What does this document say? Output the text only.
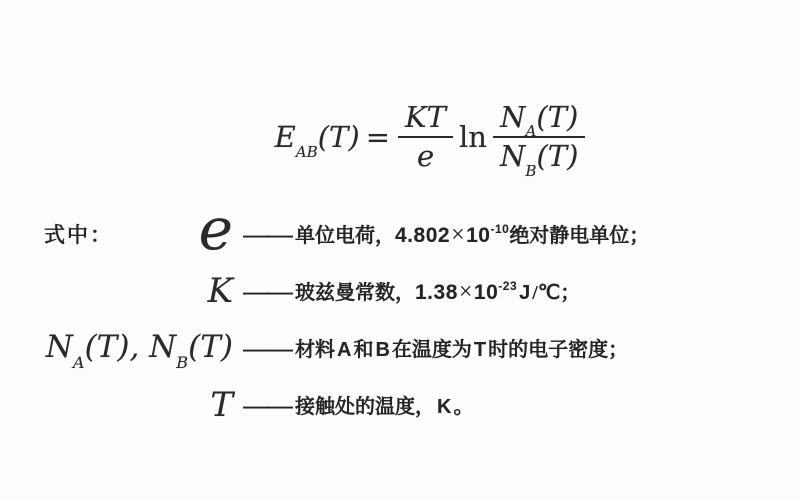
$E_{AB}(T) = \frac{KT}{e}$ $\ln \frac{N_A(T)}{N_B(T)}$
式中： e —— 单位电荷， $4.802\times 10^{-10}$ 绝对静电单位；
K —— 玻兹曼常数， $1.38\times 10^{-23}$ J /℃；
$N_A(T)$, $N_B(T)$ —— 材料 A 和 B 在温度为 T 时的电子密度；
T —— 接触处的温度， K 。
